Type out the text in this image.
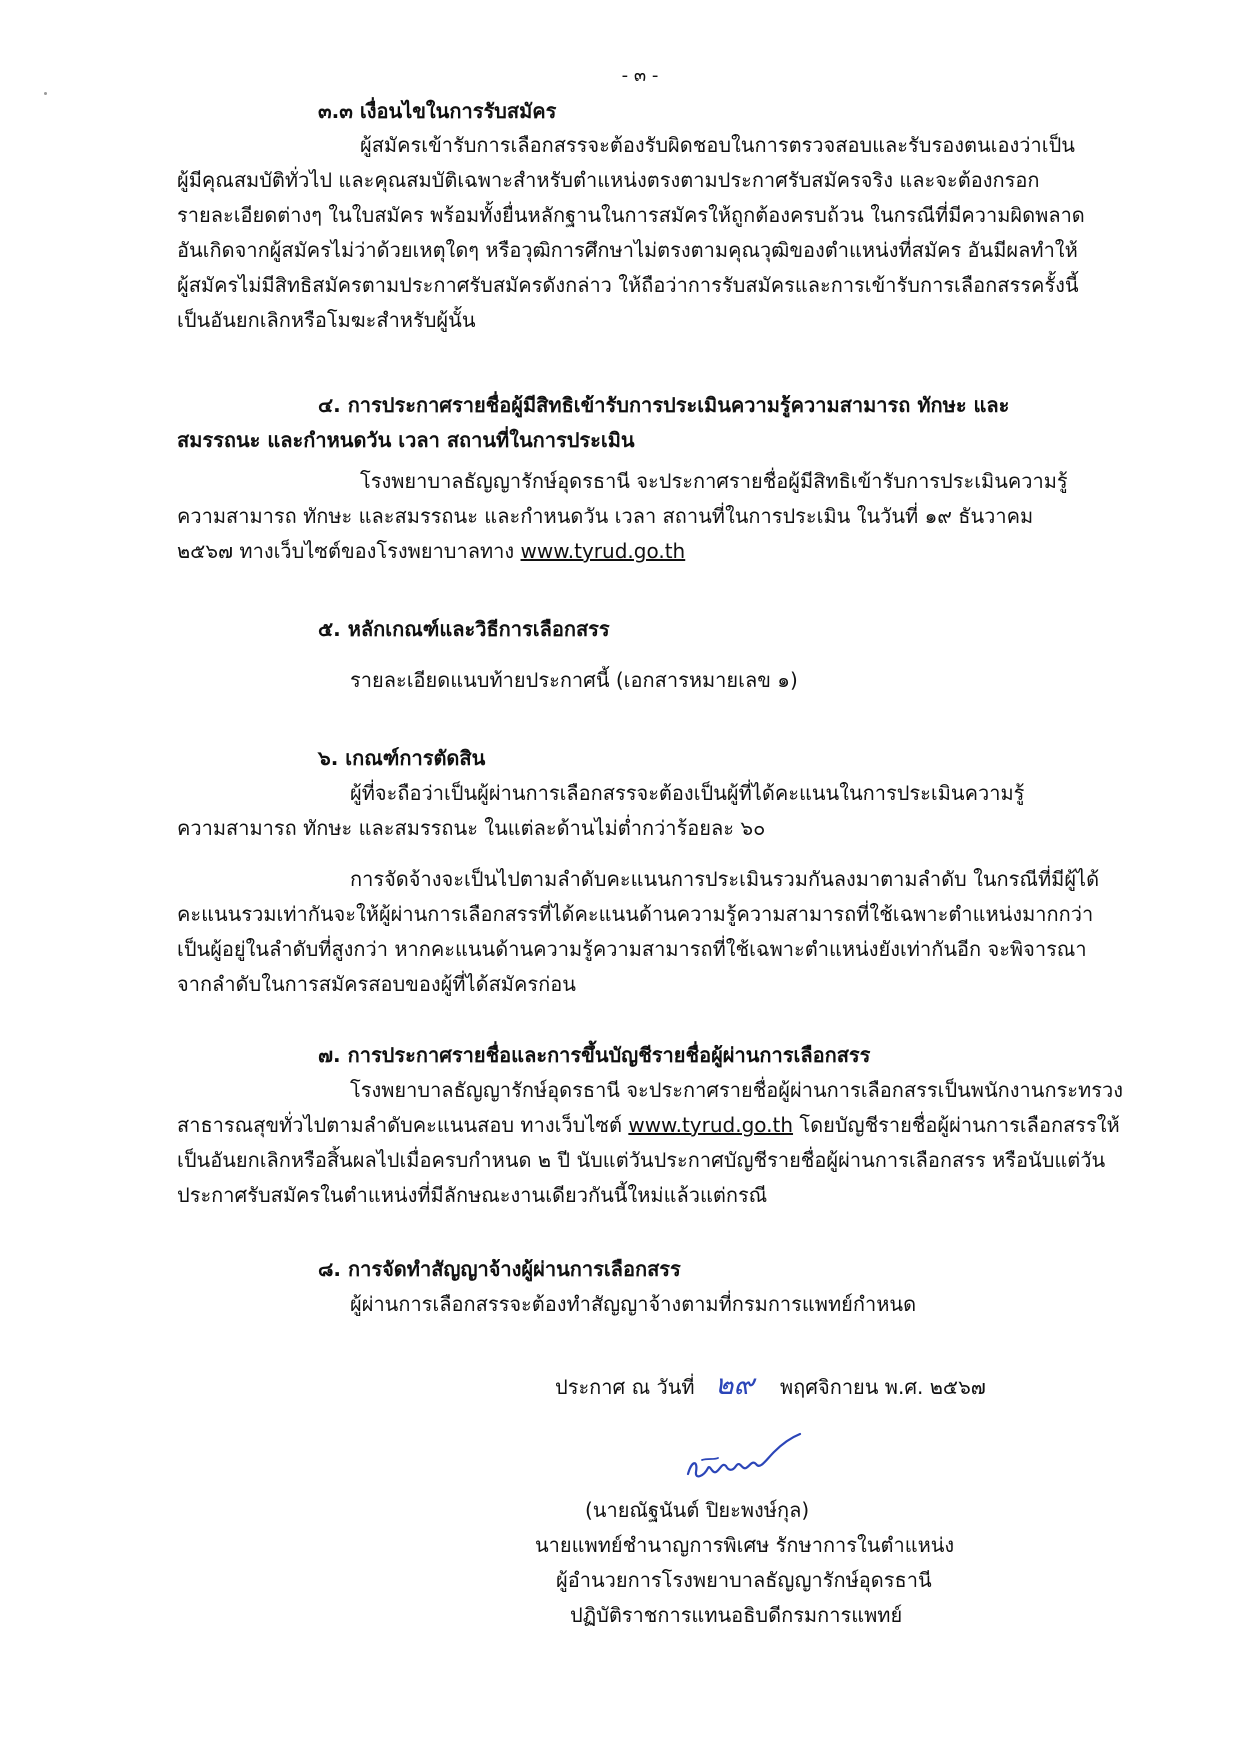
- ๓ -
๓.๓ เงื่อนไขในการรับสมัคร
ผู้สมัครเข้ารับการเลือกสรรจะต้องรับผิดชอบในการตรวจสอบและรับรองตนเองว่าเป็น
ผู้มีคุณสมบัติทั่วไป และคุณสมบัติเฉพาะสำหรับตำแหน่งตรงตามประกาศรับสมัครจริง และจะต้องกรอก
รายละเอียดต่างๆ ในใบสมัคร พร้อมทั้งยื่นหลักฐานในการสมัครให้ถูกต้องครบถ้วน ในกรณีที่มีความผิดพลาด
อันเกิดจากผู้สมัครไม่ว่าด้วยเหตุใดๆ หรือวุฒิการศึกษาไม่ตรงตามคุณวุฒิของตำแหน่งที่สมัคร อันมีผลทำให้
ผู้สมัครไม่มีสิทธิสมัครตามประกาศรับสมัครดังกล่าว ให้ถือว่าการรับสมัครและการเข้ารับการเลือกสรรครั้งนี้
เป็นอันยกเลิกหรือโมฆะสำหรับผู้นั้น
๔. การประกาศรายชื่อผู้มีสิทธิเข้ารับการประเมินความรู้ความสามารถ ทักษะ และ
สมรรถนะ และกำหนดวัน เวลา สถานที่ในการประเมิน
โรงพยาบาลธัญญารักษ์อุดรธานี จะประกาศรายชื่อผู้มีสิทธิเข้ารับการประเมินความรู้
ความสามารถ ทักษะ และสมรรถนะ และกำหนดวัน เวลา สถานที่ในการประเมิน ในวันที่ ๑๙ ธันวาคม
๒๕๖๗ ทางเว็บไซต์ของโรงพยาบาลทาง www.tyrud.go.th
๕. หลักเกณฑ์และวิธีการเลือกสรร
รายละเอียดแนบท้ายประกาศนี้ (เอกสารหมายเลข ๑)
๖. เกณฑ์การตัดสิน
ผู้ที่จะถือว่าเป็นผู้ผ่านการเลือกสรรจะต้องเป็นผู้ที่ได้คะแนนในการประเมินความรู้
ความสามารถ ทักษะ และสมรรถนะ ในแต่ละด้านไม่ต่ำกว่าร้อยละ ๖๐
การจัดจ้างจะเป็นไปตามลำดับคะแนนการประเมินรวมกันลงมาตามลำดับ ในกรณีที่มีผู้ได้
คะแนนรวมเท่ากันจะให้ผู้ผ่านการเลือกสรรที่ได้คะแนนด้านความรู้ความสามารถที่ใช้เฉพาะตำแหน่งมากกว่า
เป็นผู้อยู่ในลำดับที่สูงกว่า หากคะแนนด้านความรู้ความสามารถที่ใช้เฉพาะตำแหน่งยังเท่ากันอีก จะพิจารณา
จากลำดับในการสมัครสอบของผู้ที่ได้สมัครก่อน
๗. การประกาศรายชื่อและการขึ้นบัญชีรายชื่อผู้ผ่านการเลือกสรร
โรงพยาบาลธัญญารักษ์อุดรธานี จะประกาศรายชื่อผู้ผ่านการเลือกสรรเป็นพนักงานกระทรวง
สาธารณสุขทั่วไปตามลำดับคะแนนสอบ ทางเว็บไซต์ www.tyrud.go.th โดยบัญชีรายชื่อผู้ผ่านการเลือกสรรให้
เป็นอันยกเลิกหรือสิ้นผลไปเมื่อครบกำหนด ๒ ปี นับแต่วันประกาศบัญชีรายชื่อผู้ผ่านการเลือกสรร หรือนับแต่วัน
ประกาศรับสมัครในตำแหน่งที่มีลักษณะงานเดียวกันนี้ใหม่แล้วแต่กรณี
๘. การจัดทำสัญญาจ้างผู้ผ่านการเลือกสรร
ผู้ผ่านการเลือกสรรจะต้องทำสัญญาจ้างตามที่กรมการแพทย์กำหนด
ประกาศ ณ วันที่ ๒๙ พฤศจิกายน พ.ศ. ๒๕๖๗
(นายณัฐนันต์ ปิยะพงษ์กุล)
นายแพทย์ชำนาญการพิเศษ รักษาการในตำแหน่ง
ผู้อำนวยการโรงพยาบาลธัญญารักษ์อุดรธานี
ปฏิบัติราชการแทนอธิบดีกรมการแพทย์
